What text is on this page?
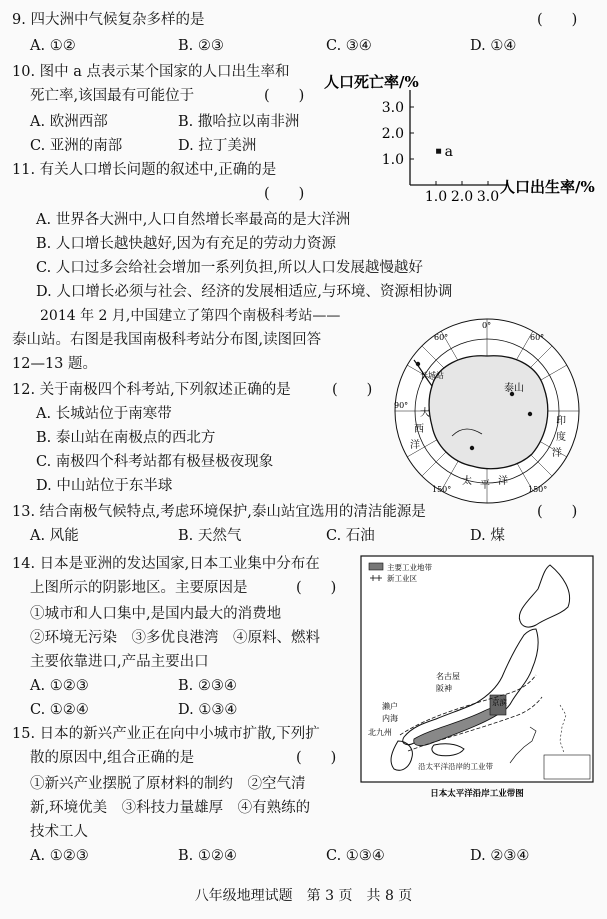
9. 四大洲中气候复杂多样的是	(　　)
A. ①②	B. ②③	C. ③④	D. ①④
10. 图中 a 点表示某个国家的人口出生率和
死亡率,该国最有可能位于	(　　)
A. 欧洲西部	B. 撒哈拉以南非洲
C. 亚洲的南部	D. 拉丁美洲
人口死亡率/%
1.0
2.0
3.0
1.0 2.0 3.0
a
人口出生率/%
11. 有关人口增长问题的叙述中,正确的是
(　　)
A. 世界各大洲中,人口自然增长率最高的是大洋洲
B. 人口增长越快越好,因为有充足的劳动力资源
C. 人口过多会给社会增加一系列负担,所以人口发展越慢越好
D. 人口增长必须与社会、经济的发展相适应,与环境、资源相协调
　　2014 年 2 月,中国建立了第四个南极科考站——
泰山站。右图是我国南极科考站分布图,读图回答
12—13 题。
泰山
大
西
洋
印
度
洋
太 平 洋
长城站
90°
0°
60°	60°
150°	150°
12. 关于南极四个科考站,下列叙述正确的是	(　　)
A. 长城站位于南寒带
B. 泰山站在南极点的西北方
C. 南极四个科考站都有极昼极夜现象
D. 中山站位于东半球
13. 结合南极气候特点,考虑环境保护,泰山站宜选用的清洁能源是	(　　)
A. 风能	B. 天然气	C. 石油	D. 煤
14. 日本是亚洲的发达国家,日本工业集中分布在
上图所示的阴影地区。主要原因是	(　　)
①城市和人口集中,是国内最大的消费地
②环境无污染　③多优良港湾　④原料、燃料
主要依靠进口,产品主要出口
A. ①②③	B. ②③④
C. ①②④	D. ①③④
主要工业地带
新工业区
名古屋
阪神
京滨
濑户
内海
北九州
沿太平洋沿岸的工业带
日本太平洋沿岸工业带图
15. 日本的新兴产业正在向中小城市扩散,下列扩
散的原因中,组合正确的是	(　　)
①新兴产业摆脱了原材料的制约　②空气清
新,环境优美　③科技力量雄厚　④有熟练的
技术工人
A. ①②③	B. ①②④	C. ①③④	D. ②③④
八年级地理试题　第 3 页　共 8 页
